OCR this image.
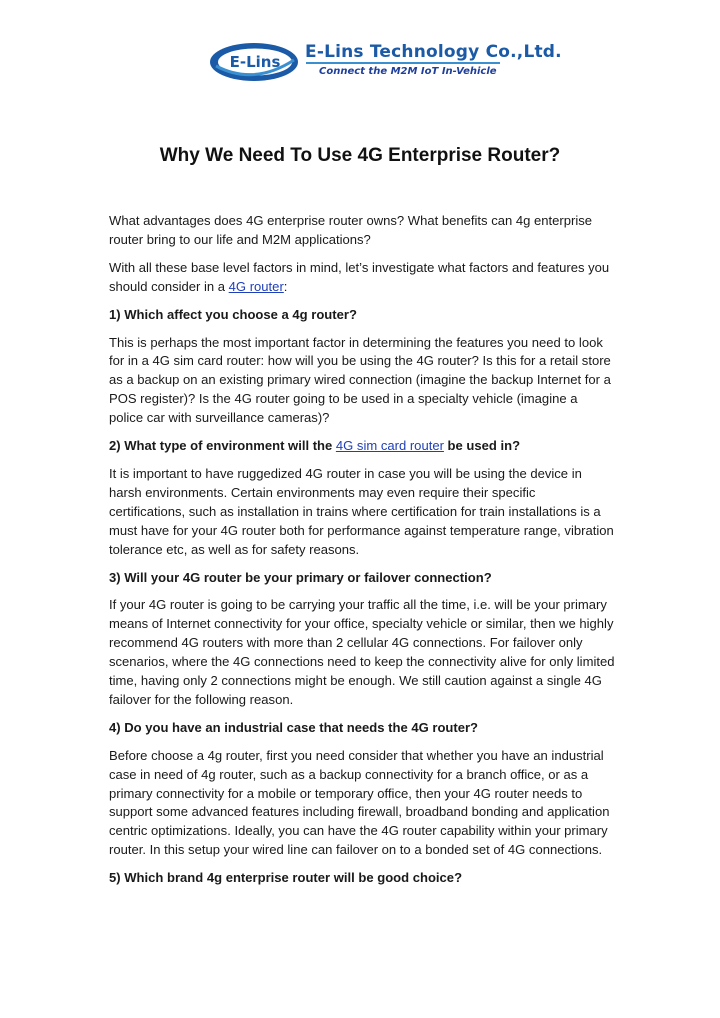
E-Lins E-Lins Technology Co.,Ltd.
Connect the M2M IoT In-Vehicle
Why We Need To Use 4G Enterprise Router?

What advantages does 4G enterprise router owns? What benefits can 4g enterprise router bring to our life and M2M applications?

With all these base level factors in mind, let’s investigate what factors and features you should consider in a 4G router:

1) Which affect you choose a 4g router?

This is perhaps the most important factor in determining the features you need to look for in a 4G sim card router: how will you be using the 4G router? Is this for a retail store as a backup on an existing primary wired connection (imagine the backup Internet for a POS register)? Is the 4G router going to be used in a specialty vehicle (imagine a police car with surveillance cameras)?

2) What type of environment will the 4G sim card router be used in?

It is important to have ruggedized 4G router in case you will be using the device in harsh environments. Certain environments may even require their specific certifications, such as installation in trains where certification for train installations is a must have for your 4G router both for performance against temperature range, vibration tolerance etc, as well as for safety reasons.

3) Will your 4G router be your primary or failover connection?

If your 4G router is going to be carrying your traffic all the time, i.e. will be your primary means of Internet connectivity for your office, specialty vehicle or similar, then we highly recommend 4G routers with more than 2 cellular 4G connections. For failover only scenarios, where the 4G connections need to keep the connectivity alive for only limited time, having only 2 connections might be enough. We still caution against a single 4G failover for the following reason.

4) Do you have an industrial case that needs the 4G router?

Before choose a 4g router, first you need consider that whether you have an industrial case in need of 4g router, such as a backup connectivity for a branch office, or as a primary connectivity for a mobile or temporary office, then your 4G router needs to support some advanced features including firewall, broadband bonding and application centric optimizations. Ideally, you can have the 4G router capability within your primary router. In this setup your wired line can failover on to a bonded set of 4G connections.

5) Which brand 4g enterprise router will be good choice?
